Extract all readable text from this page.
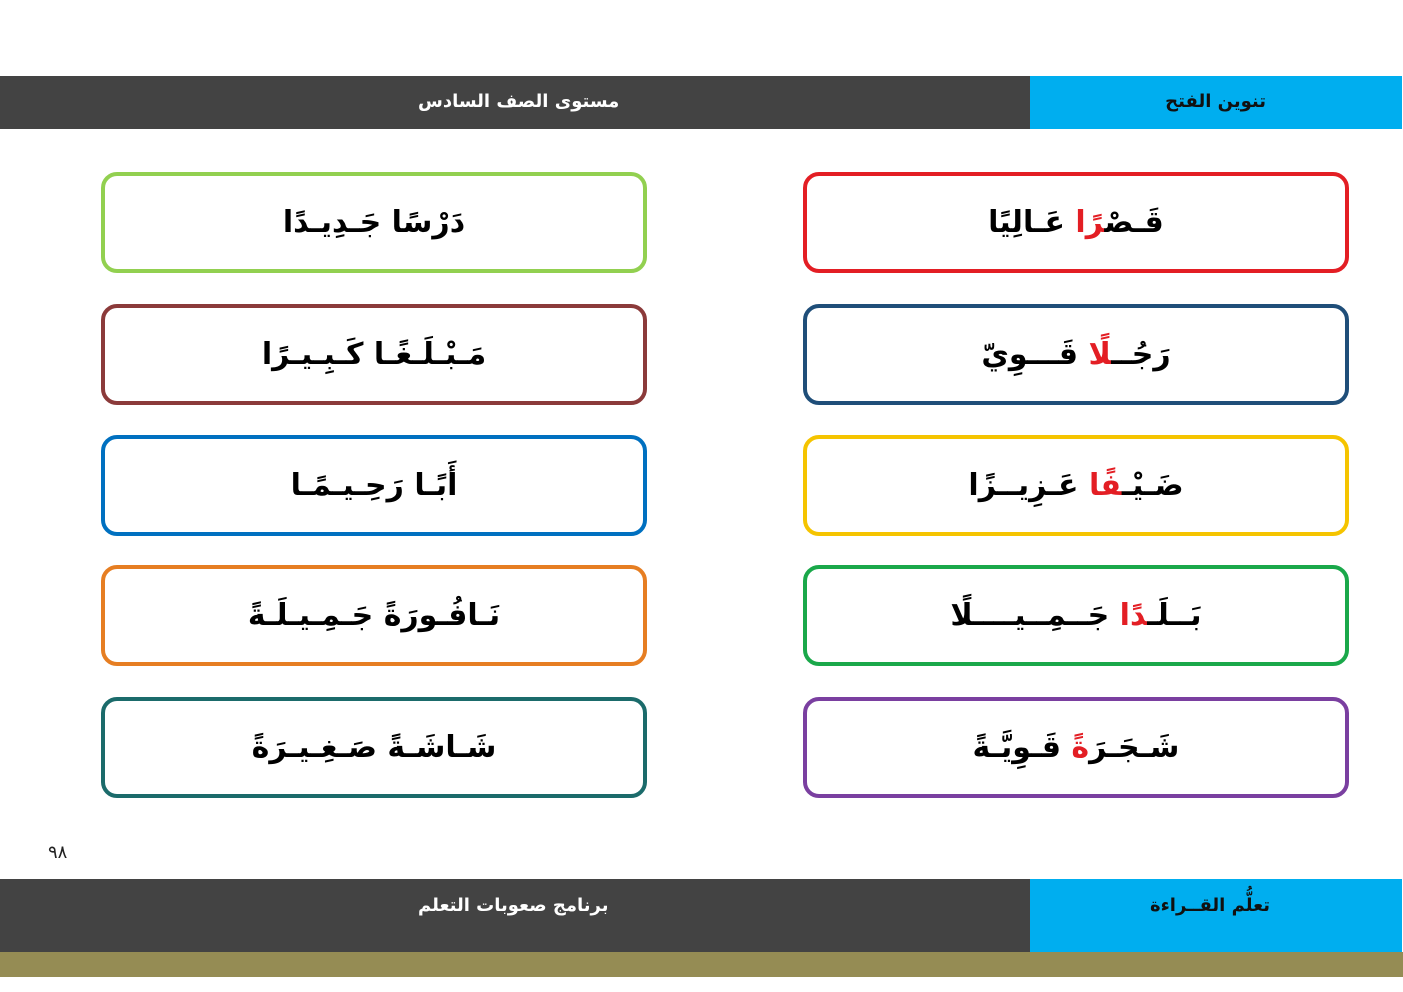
مستوى الصف السادس	تنوين الفتح
قَـصْرًا عَـالِيًا
رَجُــلًا قَـــوِيّ
ضَـيْـفًا عَـزِيــزًا
بَــلَـدًا جَــمِــيــــلًا
شَـجَـرَةً قَـوِيَّـةً
دَرْسًا جَـدِيـدًا
مَـبْـلَـغًـا كَـبِـيـرًا
أَبًـا رَحِـيـمًـا
نَـافُـورَةً جَـمِـيـلَـةً
شَـاشَـةً صَـغِـيـرَةً
٩٨
برنامج صعوبات التعلم	تعلُّم القــراءة
